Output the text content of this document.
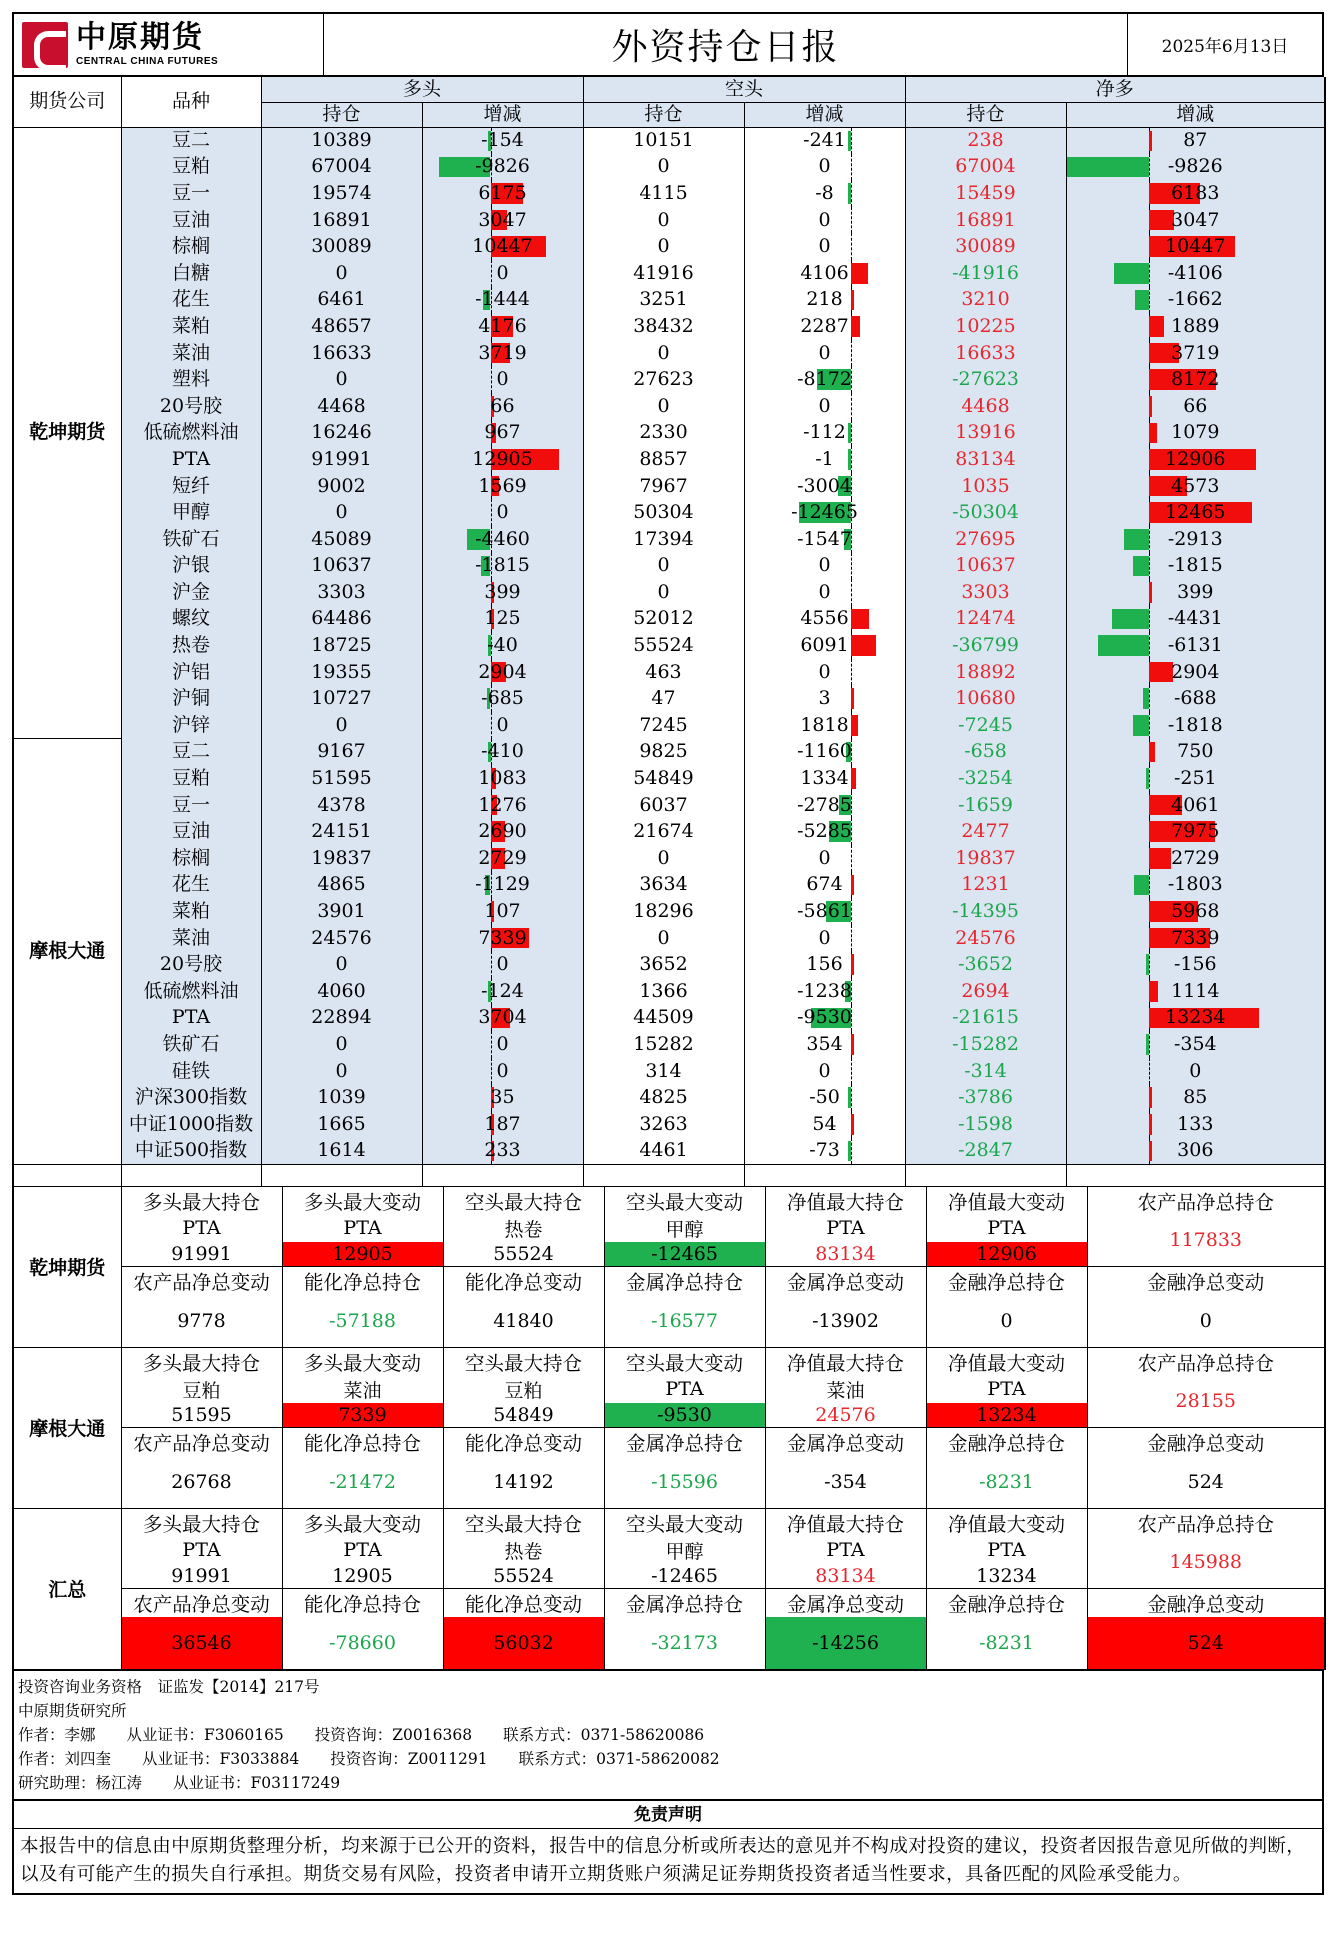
中原期货
CENTRAL CHINA FUTURES	外资持仓日报	2025年6月13日
期货公司	品种	多头		空头		净多	
		持仓	增减	持仓	增减	持仓	增减
乾坤期货	豆二	10389	-154	10151	-241	238	87
	豆粕	67004	-9826	0	0	67004	-9826
	豆一	19574	6175	4115	-8	15459	6183
	豆油	16891	3047	0	0	16891	3047
	棕榈	30089	10447	0	0	30089	10447
	白糖	0	0	41916	4106	-41916	-4106
	花生	6461	-1444	3251	218	3210	-1662
	菜粕	48657	4176	38432	2287	10225	1889
	菜油	16633	3719	0	0	16633	3719
	塑料	0	0	27623	-8172	-27623	8172
	20号胶	4468	66	0	0	4468	66
	低硫燃料油	16246	967	2330	-112	13916	1079
	PTA	91991	12905	8857	-1	83134	12906
	短纤	9002	1569	7967	-3004	1035	4573
	甲醇	0	0	50304	-12465	-50304	12465
	铁矿石	45089	-4460	17394	-1547	27695	-2913
	沪银	10637	-1815	0	0	10637	-1815
	沪金	3303	399	0	0	3303	399
	螺纹	64486	125	52012	4556	12474	-4431
	热卷	18725	-40	55524	6091	-36799	-6131
	沪铝	19355	2904	463	0	18892	2904
	沪铜	10727	-685	47	3	10680	-688
	沪锌	0	0	7245	1818	-7245	-1818
摩根大通	豆二	9167	-410	9825	-1160	-658	750
	豆粕	51595	1083	54849	1334	-3254	-251
	豆一	4378	1276	6037	-2785	-1659	4061
	豆油	24151	2690	21674	-5285	2477	7975
	棕榈	19837	2729	0	0	19837	2729
	花生	4865	-1129	3634	674	1231	-1803
	菜粕	3901	107	18296	-5861	-14395	5968
	菜油	24576	7339	0	0	24576	7339
	20号胶	0	0	3652	156	-3652	-156
	低硫燃料油	4060	-124	1366	-1238	2694	1114
	PTA	22894	3704	44509	-9530	-21615	13234
	铁矿石	0	0	15282	354	-15282	-354
	硅铁	0	0	314	0	-314	0
	沪深300指数	1039	35	4825	-50	-3786	85
	中证1000指数	1665	187	3263	54	-1598	133
	中证500指数	1614	233	4461	-73	-2847	306

乾坤期货	多头最大持仓	多头最大变动	空头最大持仓	空头最大变动	净值最大持仓	净值最大变动	农产品净总持仓
	PTA	PTA	热卷	甲醇	PTA	PTA	117833
	91991	12905	55524	-12465	83134	12906	
	农产品净总变动	能化净总持仓	能化净总变动	金属净总持仓	金属净总变动	金融净总持仓	金融净总变动
	9778	-57188	41840	-16577	-13902	0	0

摩根大通	多头最大持仓	多头最大变动	空头最大持仓	空头最大变动	净值最大持仓	净值最大变动	农产品净总持仓
	豆粕	菜油	豆粕	PTA	菜油	PTA	28155
	51595	7339	54849	-9530	24576	13234	
	农产品净总变动	能化净总持仓	能化净总变动	金属净总持仓	金属净总变动	金融净总持仓	金融净总变动
	26768	-21472	14192	-15596	-354	-8231	524

汇总	多头最大持仓	多头最大变动	空头最大持仓	空头最大变动	净值最大持仓	净值最大变动	农产品净总持仓
	PTA	PTA	热卷	甲醇	PTA	PTA	145988
	91991	12905	55524	-12465	83134	13234	
	农产品净总变动	能化净总持仓	能化净总变动	金属净总持仓	金属净总变动	金融净总持仓	金融净总变动
	36546	-78660	56032	-32173	-14256	-8231	524

投资咨询业务资格　证监发【2014】217号
中原期货研究所
作者：李娜　　从业证书：F3060165　　投资咨询：Z0016368　　联系方式：0371-58620086
作者：刘四奎　　从业证书：F3033884　　投资咨询：Z0011291　　联系方式：0371-58620082
研究助理：杨江涛　　从业证书：F03117249
免责声明
本报告中的信息由中原期货整理分析，均来源于已公开的资料，报告中的信息分析或所表达的意见并不构成对投资的建议，投资者因报告意见所做的判断，以及有可能产生的损失自行承担。期货交易有风险，投资者申请开立期货账户须满足证券期货投资者适当性要求，具备匹配的风险承受能力。
